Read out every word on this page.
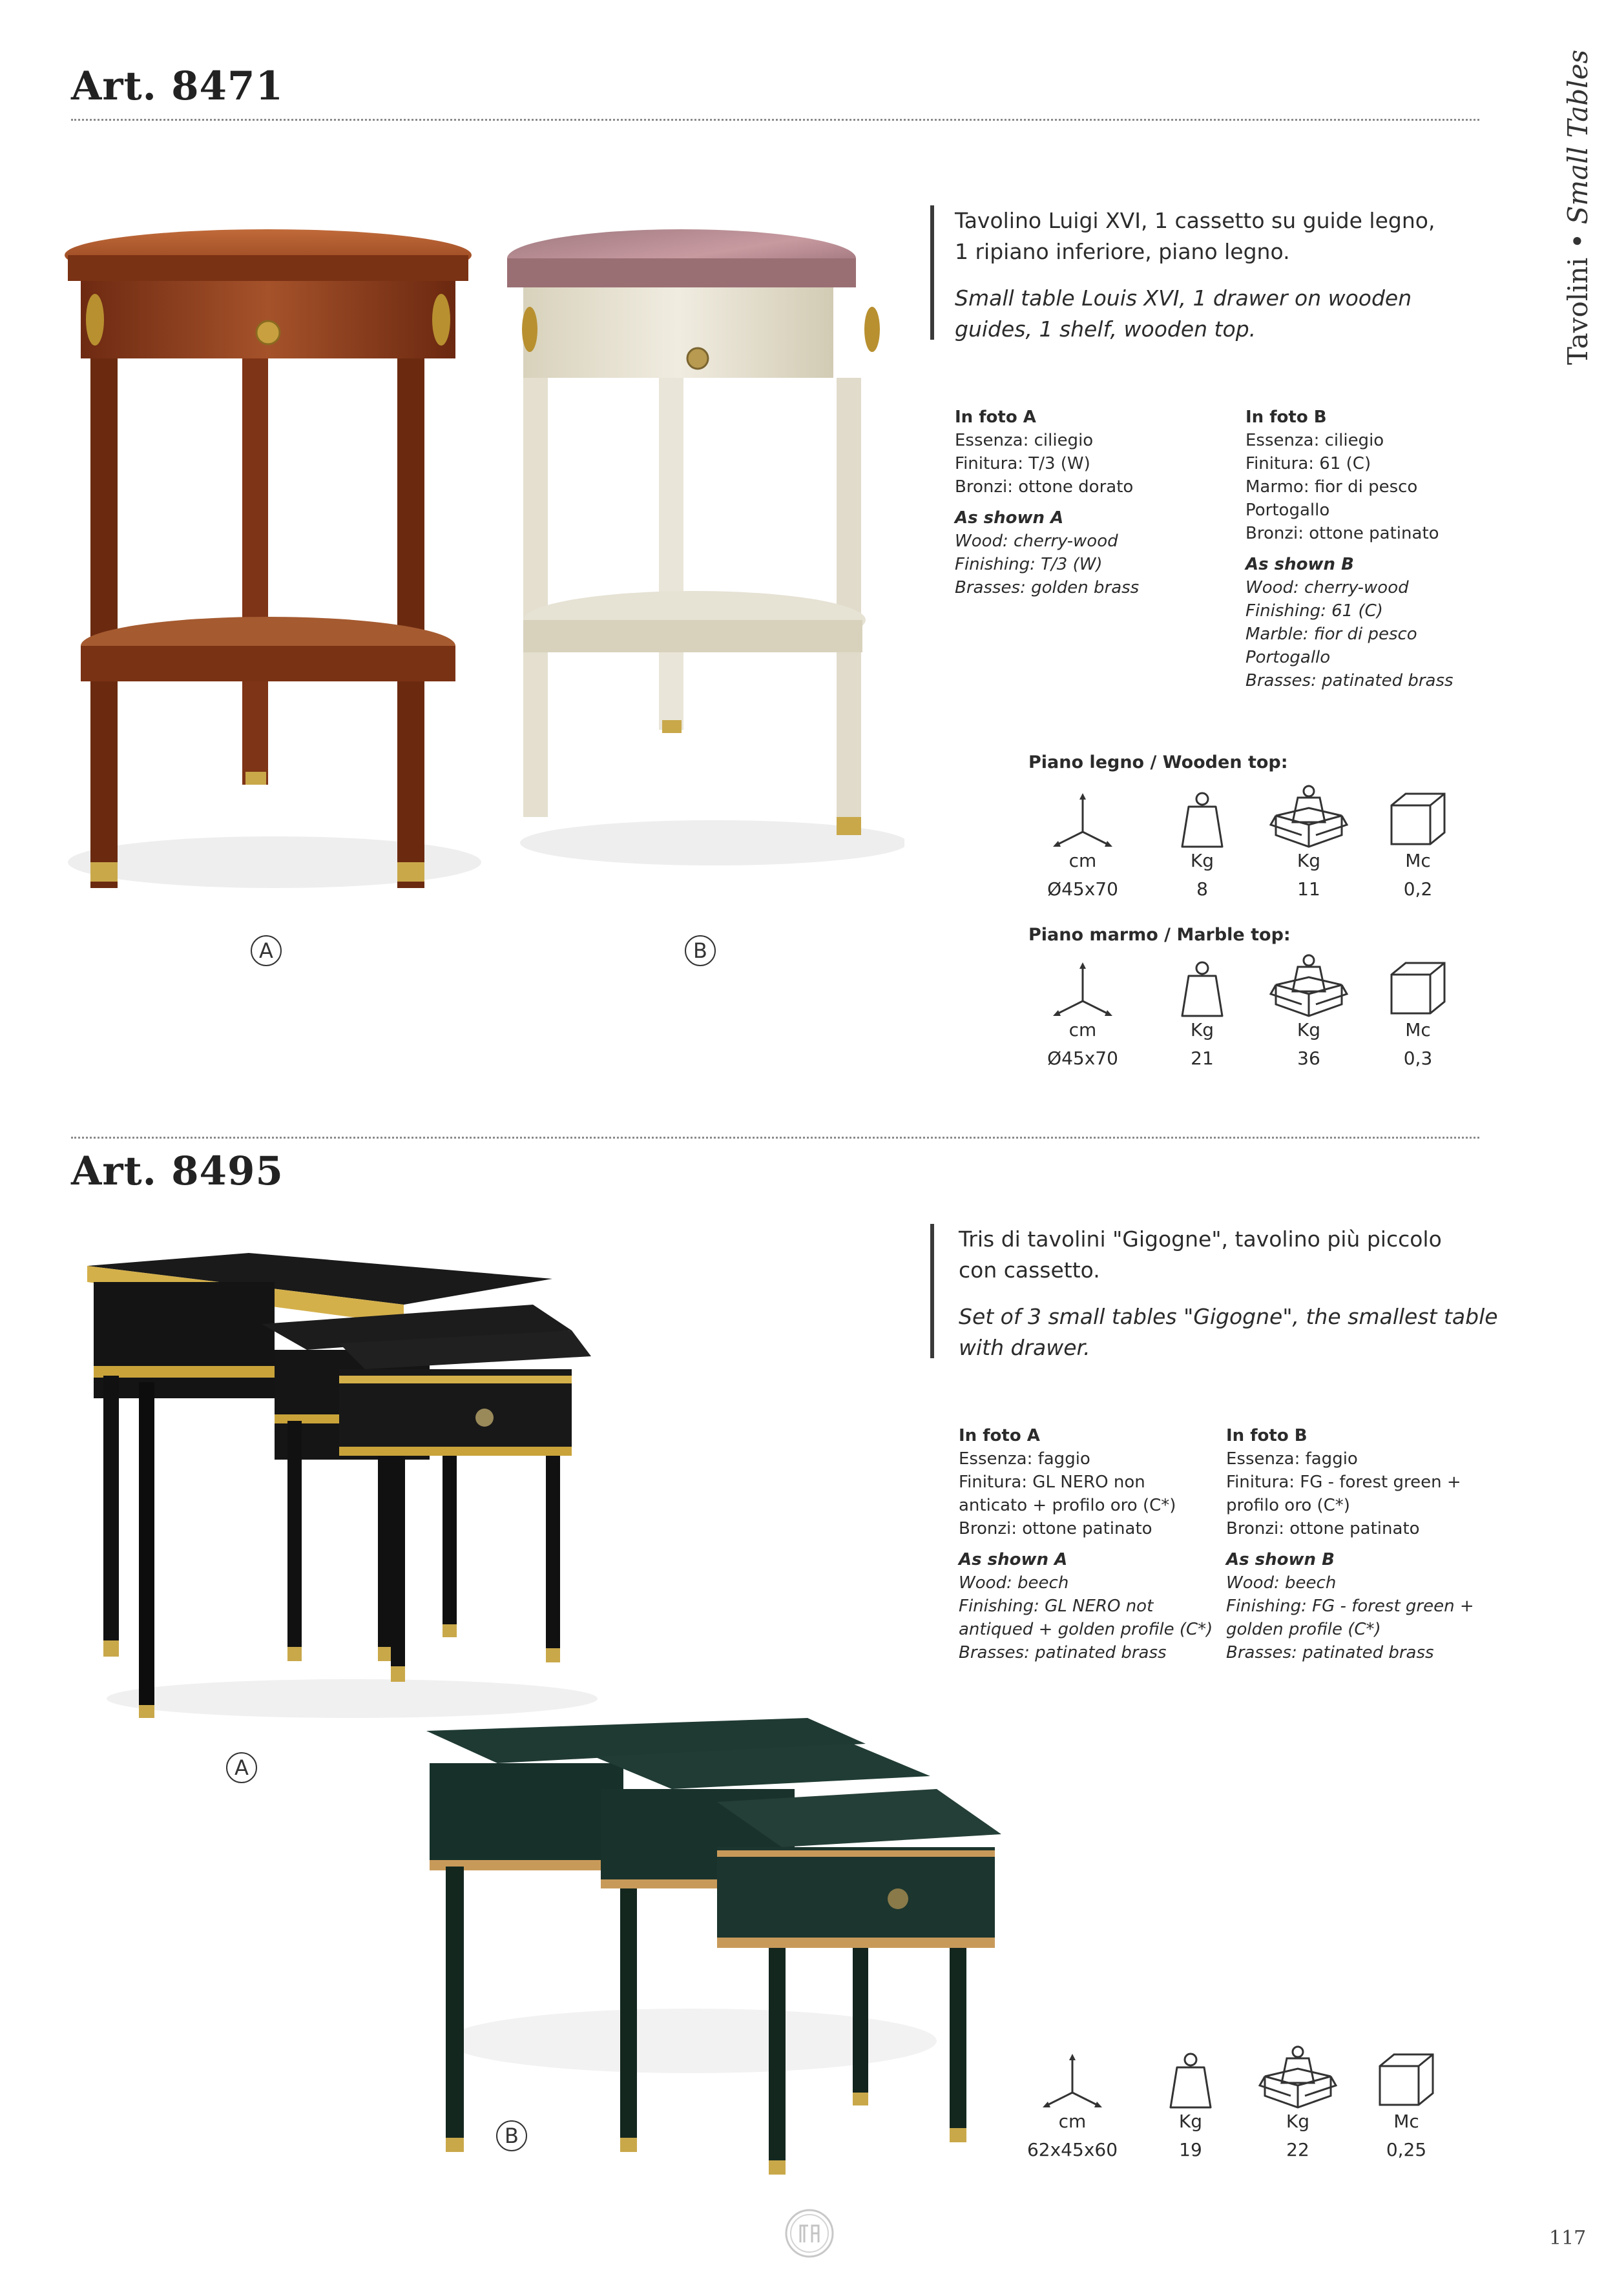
Art. 8471
Tavolini • Small Tables
A	B
Tavolino Luigi XVI, 1 cassetto su guide legno,
1 ripiano inferiore, piano legno.
Small table Louis XVI, 1 drawer on wooden
guides, 1 shelf, wooden top.
In foto A
Essenza: ciliegio
Finitura: T/3 (W)
Bronzi: ottone dorato
As shown A
Wood: cherry-wood
Finishing: T/3 (W)
Brasses: golden brass
In foto B
Essenza: ciliegio
Finitura: 61 (C)
Marmo: fior di pesco
Portogallo
Bronzi: ottone patinato
As shown B
Wood: cherry-wood
Finishing: 61 (C)
Marble: fior di pesco
Portogallo
Brasses: patinated brass
Piano legno / Wooden top:
cm
Ø45x70
Kg
8
Kg
11
Mc
0,2
Piano marmo / Marble top:
cm
Ø45x70
Kg
21
Kg
36
Mc
0,3
Art. 8495
A
B
Tris di tavolini "Gigogne", tavolino più piccolo
con cassetto.
Set of 3 small tables "Gigogne", the smallest table
with drawer.
In foto A
Essenza: faggio
Finitura: GL NERO non
anticato + profilo oro (C*)
Bronzi: ottone patinato
As shown A
Wood: beech
Finishing: GL NERO not
antiqued + golden profile (C*)
Brasses: patinated brass
In foto B
Essenza: faggio
Finitura: FG - forest green +
profilo oro (C*)
Bronzi: ottone patinato
As shown B
Wood: beech
Finishing: FG - forest green +
golden profile (C*)
Brasses: patinated brass
cm
62x45x60
Kg
19
Kg
22
Mc
0,25
117
